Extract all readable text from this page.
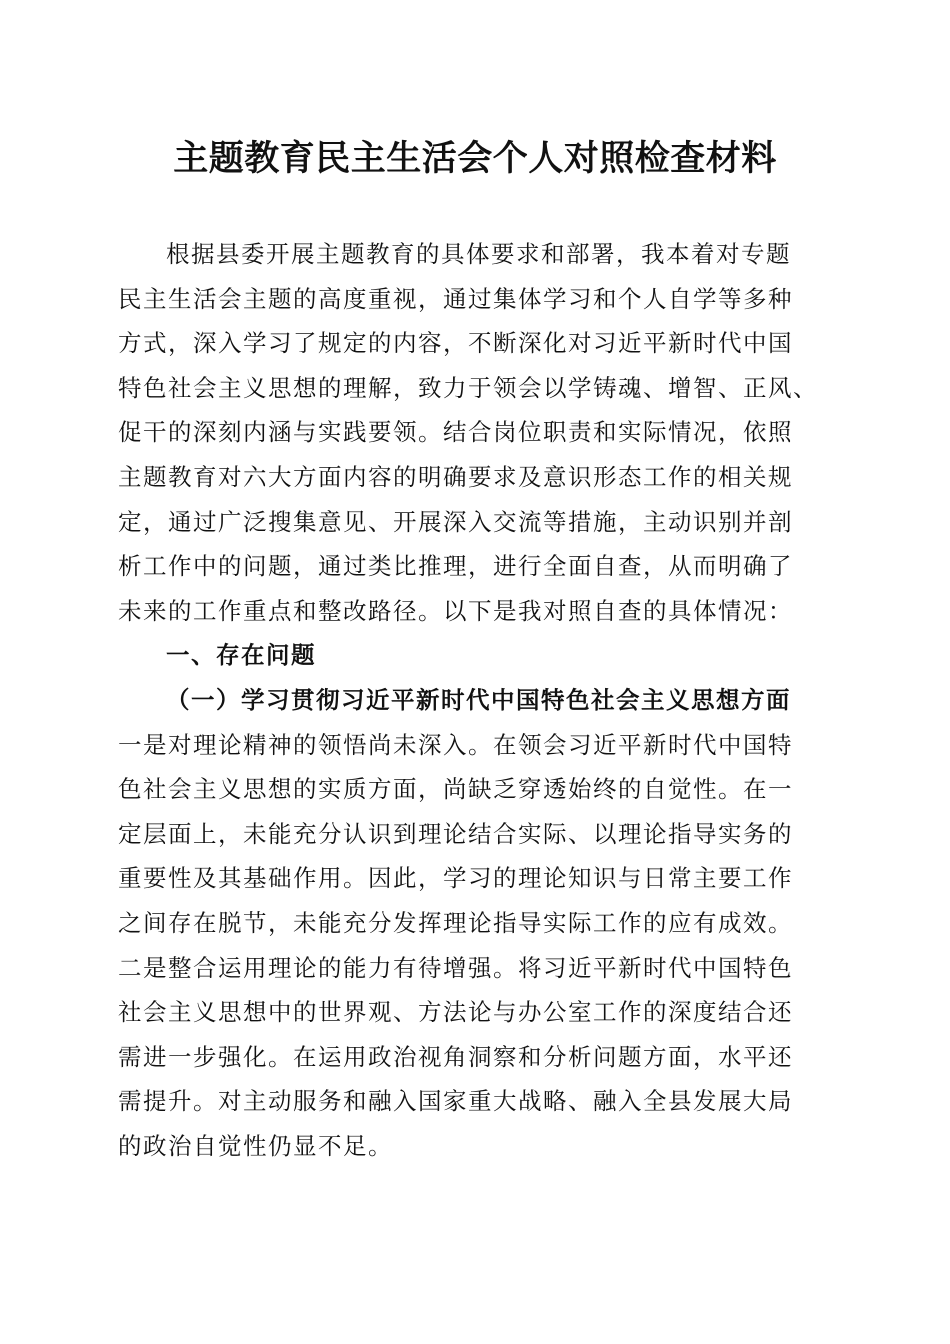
主题教育民主生活会个人对照检查材料
根据县委开展主题教育的具体要求和部署，我本着对专题
民主生活会主题的高度重视，通过集体学习和个人自学等多种
方式，深入学习了规定的内容，不断深化对习近平新时代中国
特色社会主义思想的理解，致力于领会以学铸魂、增智、正风、
促干的深刻内涵与实践要领。结合岗位职责和实际情况，依照
主题教育对六大方面内容的明确要求及意识形态工作的相关规
定，通过广泛搜集意见、开展深入交流等措施，主动识别并剖
析工作中的问题，通过类比推理，进行全面自查，从而明确了
未来的工作重点和整改路径。以下是我对照自查的具体情况：
一、存在问题
（一）学习贯彻习近平新时代中国特色社会主义思想方面
一是对理论精神的领悟尚未深入。在领会习近平新时代中国特
色社会主义思想的实质方面，尚缺乏穿透始终的自觉性。在一
定层面上，未能充分认识到理论结合实际、以理论指导实务的
重要性及其基础作用。因此，学习的理论知识与日常主要工作
之间存在脱节，未能充分发挥理论指导实际工作的应有成效。
二是整合运用理论的能力有待增强。将习近平新时代中国特色
社会主义思想中的世界观、方法论与办公室工作的深度结合还
需进一步强化。在运用政治视角洞察和分析问题方面，水平还
需提升。对主动服务和融入国家重大战略、融入全县发展大局
的政治自觉性仍显不足。
